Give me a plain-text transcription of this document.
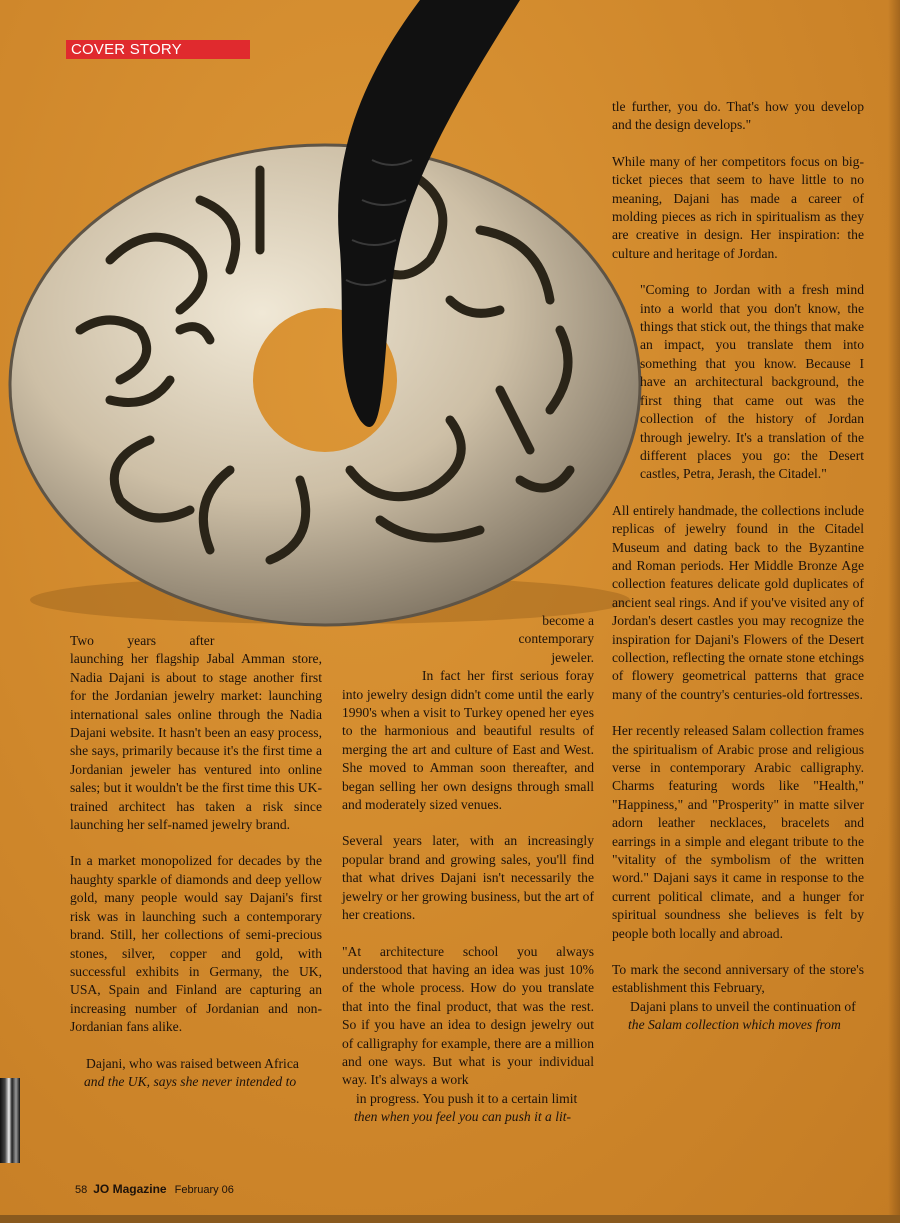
COVER STORY

Two years after

launching her flagship Jabal Amman store, Nadia Dajani is about to stage another first for the Jordanian jewelry market: launching international sales online through the Nadia Dajani website. It hasn't been an easy process, she says, primarily because it's the first time a Jordanian jeweler has ventured into online sales; but it wouldn't be the first time this UK-trained architect has taken a risk since launching her self-named jewelry brand.

In a market monopolized for decades by the haughty sparkle of diamonds and deep yellow gold, many people would say Dajani's first risk was in launching such a contemporary brand. Still, her collections of semi-precious stones, silver, copper and gold, with successful exhibits in Germany, the UK, USA, Spain and Finland are capturing an increasing number of Jordanian and non-Jordanian fans alike.

Dajani, who was raised between Africa

and the UK, says she never intended to

become a contemporary jeweler.

In fact her first serious foray into jewelry design didn't come until the early 1990's when a visit to Turkey opened her eyes to the harmonious and beautiful results of merging the art and culture of East and West. She moved to Amman soon thereafter, and began selling her own designs through small and moderately sized venues.

Several years later, with an increasingly popular brand and growing sales, you'll find that what drives Dajani isn't necessarily the jewelry or her growing business, but the art of her creations.

"At architecture school you always understood that having an idea was just 10% of the whole process. How do you translate that into the final product, that was the rest. So if you have an idea to design jewelry out of calligraphy for example, there are a million and one ways. But what is your individual way. It's always a work

in progress. You push it to a certain limit

then when you feel you can push it a lit-

tle further, you do. That's how you develop and the design develops."

While many of her competitors focus on big-ticket pieces that seem to have little to no meaning, Dajani has made a career of molding pieces as rich in spiritualism as they are creative in design. Her inspiration: the culture and heritage of Jordan.

"Coming to Jordan with a fresh mind into a world that you don't know, the things that stick out, the things that make an impact, you translate them into something that you know. Because I have an architectural background, the first thing that came out was the collection of the history of Jordan through jewelry. It's a translation of the different places you go: the Desert castles, Petra, Jerash, the Citadel."

All entirely handmade, the collections include replicas of jewelry found in the Citadel Museum and dating back to the Byzantine and Roman periods. Her Middle Bronze Age collection features delicate gold duplicates of ancient seal rings. And if you've visited any of Jordan's desert castles you may recognize the inspiration for Dajani's Flowers of the Desert collection, reflecting the ornate stone etchings of flowery geometrical patterns that grace many of the country's centuries-old fortresses.

Her recently released Salam collection frames the spiritualism of Arabic prose and religious verse in contemporary Arabic calligraphy. Charms featuring words like "Health," "Happiness," and "Prosperity" in matte silver adorn leather necklaces, bracelets and earrings in a simple and elegant tribute to the "vitality of the symbolism of the written word." Dajani says it came in response to the current political climate, and a hunger for spiritual soundness she believes is felt by people both locally and abroad.

To mark the second anniversary of the store's establishment this February,

Dajani plans to unveil the continuation of

the Salam collection which moves from

58 JO Magazine February 06
